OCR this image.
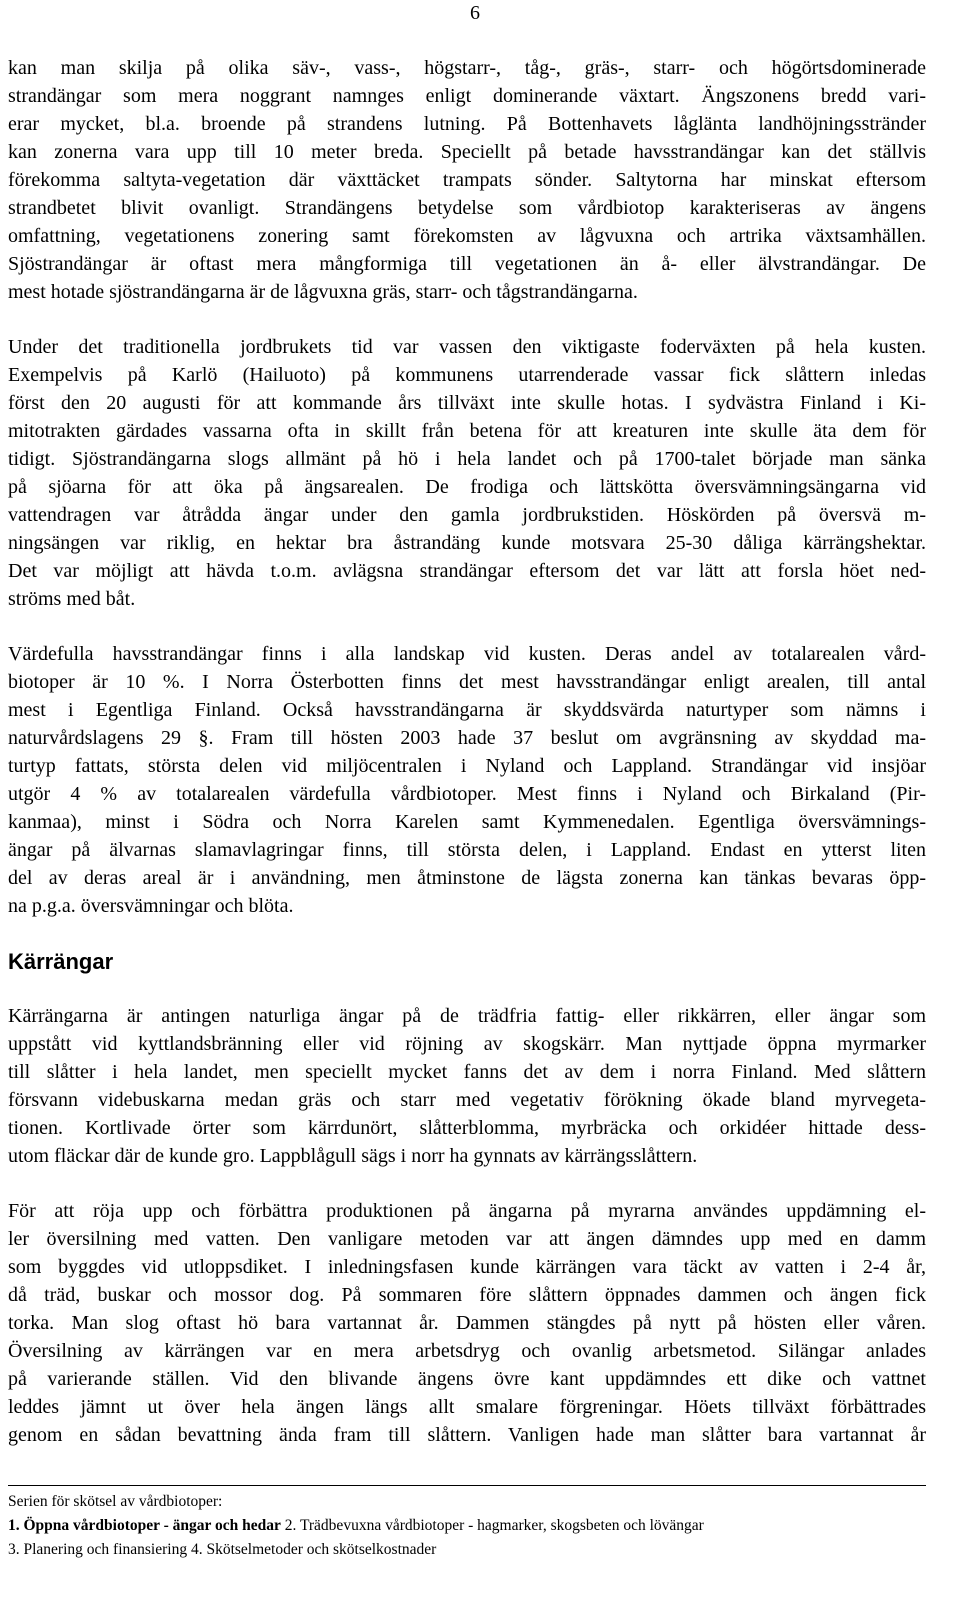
6
kan man skilja på olika säv-, vass-, högstarr-, tåg-, gräs-, starr- och högörtsdominerade
strandängar som mera noggrant namnges enligt dominerande växtart. Ängszonens bredd vari-
erar mycket, bl.a. broende på strandens lutning. På Bottenhavets låglänta landhöjningsstränder
kan zonerna vara upp till 10 meter breda. Speciellt på betade havsstrandängar kan det ställvis
förekomma saltyta-vegetation där växttäcket trampats sönder. Saltytorna har minskat eftersom
strandbetet blivit ovanligt. Strandängens betydelse som vårdbiotop karakteriseras av ängens
omfattning, vegetationens zonering samt förekomsten av lågvuxna och artrika växtsamhällen.
Sjöstrandängar är oftast mera mångformiga till vegetationen än å- eller älvstrandängar. De
mest hotade sjöstrandängarna är de lågvuxna gräs, starr- och tågstrandängarna.
Under det traditionella jordbrukets tid var vassen den viktigaste foderväxten på hela kusten.
Exempelvis på Karlö (Hailuoto) på kommunens utarrenderade vassar fick slåttern inledas
först den 20 augusti för att kommande års tillväxt inte skulle hotas. I sydvästra Finland i Ki-
mitotrakten gärdades vassarna ofta in skillt från betena för att kreaturen inte skulle äta dem för
tidigt. Sjöstrandängarna slogs allmänt på hö i hela landet och på 1700-talet började man sänka
på sjöarna för att öka på ängsarealen. De frodiga och lättskötta översvämningsängarna vid
vattendragen var åtrådda ängar under den gamla jordbrukstiden. Höskörden på översvä m-
ningsängen var riklig, en hektar bra åstrandäng kunde motsvara 25-30 dåliga kärrängshektar.
Det var möjligt att hävda t.o.m. avlägsna strandängar eftersom det var lätt att forsla höet ned-
ströms med båt.
Värdefulla havsstrandängar finns i alla landskap vid kusten. Deras andel av totalarealen vård-
biotoper är 10 %. I Norra Österbotten finns det mest havsstrandängar enligt arealen, till antal
mest i Egentliga Finland. Också havsstrandängarna är skyddsvärda naturtyper som nämns i
naturvårdslagens 29 §. Fram till hösten 2003 hade 37 beslut om avgränsning av skyddad ma-
turtyp fattats, största delen vid miljöcentralen i Nyland och Lappland. Strandängar vid insjöar
utgör 4 % av totalarealen värdefulla vårdbiotoper. Mest finns i Nyland och Birkaland (Pir-
kanmaa), minst i Södra och Norra Karelen samt Kymmenedalen. Egentliga översvämnings-
ängar på älvarnas slamavlagringar finns, till största delen, i Lappland. Endast en ytterst liten
del av deras areal är i användning, men åtminstone de lägsta zonerna kan tänkas bevaras öpp-
na p.g.a. översvämningar och blöta.
Kärrängar
Kärrängarna är antingen naturliga ängar på de trädfria fattig- eller rikkärren, eller ängar som
uppstått vid kyttlandsbränning eller vid röjning av skogskärr. Man nyttjade öppna myrmarker
till slåtter i hela landet, men speciellt mycket fanns det av dem i norra Finland. Med slåttern
försvann videbuskarna medan gräs och starr med vegetativ förökning ökade bland myrvegeta-
tionen. Kortlivade örter som kärrdunört, slåtterblomma, myrbräcka och orkidéer hittade dess-
utom fläckar där de kunde gro. Lappblågull sägs i norr ha gynnats av kärrängsslåttern.
För att röja upp och förbättra produktionen på ängarna på myrarna användes uppdämning el-
ler översilning med vatten. Den vanligare metoden var att ängen dämndes upp med en damm
som byggdes vid utloppsdiket. I inledningsfasen kunde kärrängen vara täckt av vatten i 2-4 år,
då träd, buskar och mossor dog. På sommaren före slåttern öppnades dammen och ängen fick
torka. Man slog oftast hö bara vartannat år. Dammen stängdes på nytt på hösten eller våren.
Översilning av kärrängen var en mera arbetsdryg och ovanlig arbetsmetod. Silängar anlades
på varierande ställen. Vid den blivande ängens övre kant uppdämndes ett dike och vattnet
leddes jämnt ut över hela ängen längs allt smalare förgreningar. Höets tillväxt förbättrades
genom en sådan bevattning ända fram till slåttern. Vanligen hade man slåtter bara vartannat år
Serien för skötsel av vårdbiotoper:
1. Öppna vårdbiotoper - ängar och hedar 2. Trädbevuxna vårdbiotoper - hagmarker, skogsbeten och lövängar
3. Planering och finansiering 4. Skötselmetoder och skötselkostnader
